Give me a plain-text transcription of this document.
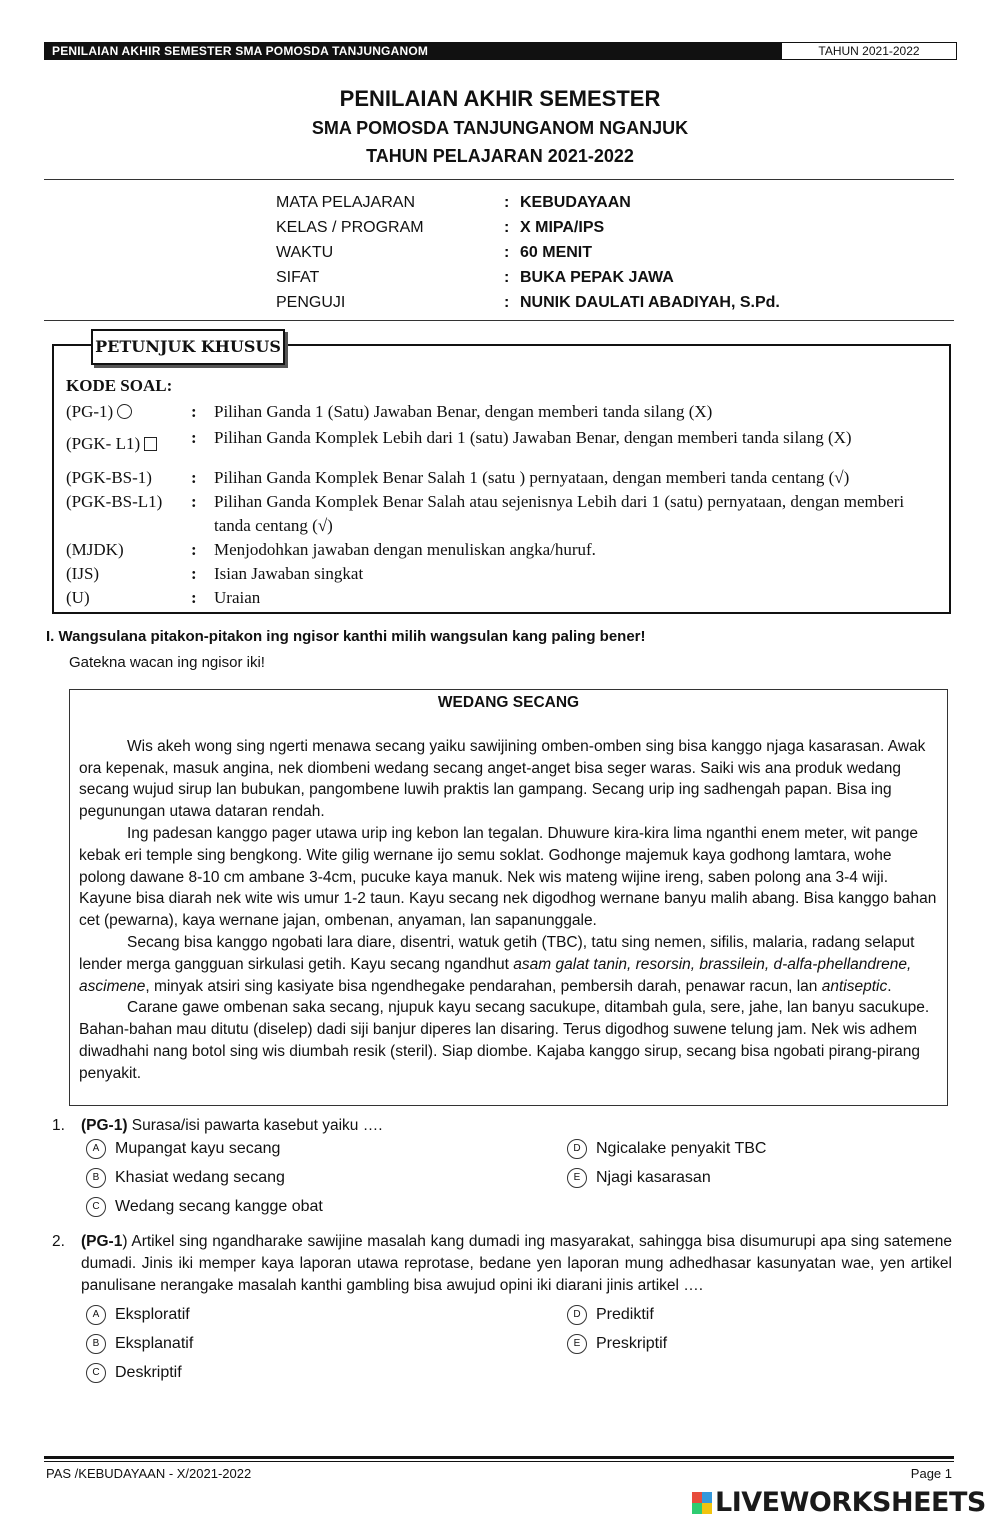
PENILAIAN AKHIR SEMESTER SMA POMOSDA TANJUNGANOM	TAHUN 2021-2022
PENILAIAN AKHIR SEMESTER
SMA POMOSDA TANJUNGANOM NGANJUK
TAHUN PELAJARAN 2021-2022
MATA PELAJARAN	: KEBUDAYAAN
KELAS / PROGRAM	: X MIPA/IPS
WAKTU	: 60 MENIT
SIFAT	: BUKA PEPAK JAWA
PENGUJI	: NUNIK DAULATI ABADIYAH, S.Pd.
PETUNJUK KHUSUS
KODE SOAL:
(PG-1)	:	Pilihan Ganda 1 (Satu) Jawaban Benar, dengan memberi tanda silang (X)
(PGK- L1)	:	Pilihan Ganda Komplek Lebih dari 1 (satu) Jawaban Benar, dengan memberi tanda silang (X)
(PGK-BS-1)	:	Pilihan Ganda Komplek Benar Salah 1 (satu ) pernyataan, dengan memberi tanda centang (√)
(PGK-BS-L1)	:	Pilihan Ganda Komplek Benar Salah atau sejenisnya Lebih dari 1 (satu) pernyataan, dengan memberi tanda centang (√)
(MJDK)	:	Menjodohkan jawaban dengan menuliskan angka/huruf.
(IJS)	:	Isian Jawaban singkat
(U)	:	Uraian
I. Wangsulana pitakon-pitakon ing ngisor kanthi milih wangsulan kang paling bener!
Gatekna wacan ing ngisor iki!
WEDANG SECANG

Wis akeh wong sing ngerti menawa secang yaiku sawijining omben-omben sing bisa kanggo njaga kasarasan. Awak ora kepenak, masuk angina, nek diombeni wedang secang anget-anget bisa seger waras. Saiki wis ana produk wedang secang wujud sirup lan bubukan, pangombene luwih praktis lan gampang. Secang urip ing sadhengah papan. Bisa ing pegunungan utawa dataran rendah.

Ing padesan kanggo pager utawa urip ing kebon lan tegalan. Dhuwure kira-kira lima nganthi enem meter, wit pange kebak eri temple sing bengkong. Wite gilig wernane ijo semu soklat. Godhonge majemuk kaya godhong lamtara, wohe polong dawane 8-10 cm ambane 3-4cm, pucuke kaya manuk. Nek wis mateng wijine ireng, saben polong ana 3-4 wiji. Kayune bisa diarah nek wite wis umur 1-2 taun. Kayu secang nek digodhog wernane banyu malih abang. Bisa kanggo bahan cet (pewarna), kaya wernane jajan, ombenan, anyaman, lan sapanunggale.

Secang bisa kanggo ngobati lara diare, disentri, watuk getih (TBC), tatu sing nemen, sifilis, malaria, radang selaput lender merga gangguan sirkulasi getih. Kayu secang ngandhut asam galat tanin, resorsin, brassilein, d-alfa-phellandrene, ascimene, minyak atsiri sing kasiyate bisa ngendhegake pendarahan, pembersih darah, penawar racun, lan antiseptic.

Carane gawe ombenan saka secang, njupuk kayu secang sacukupe, ditambah gula, sere, jahe, lan banyu sacukupe. Bahan-bahan mau ditutu (diselep) dadi siji banjur diperes lan disaring. Terus digodhog suwene telung jam. Nek wis adhem diwadhahi nang botol sing wis diumbah resik (steril). Siap diombe. Kajaba kanggo sirup, secang bisa ngobati pirang-pirang penyakit.

1.	(PG-1) Surasa/isi pawarta kasebut yaiku ….
A Mupangat kayu secang
B Khasiat wedang secang
C Wedang secang kangge obat
D Ngicalake penyakit TBC
E Njagi kasarasan
2.	(PG-1) Artikel sing ngandharake sawijine masalah kang dumadi ing masyarakat, sahingga bisa disumurupi apa sing satemene dumadi. Jinis iki memper kaya laporan utawa reprotase, bedane yen laporan mung adhedhasar kasunyatan wae, yen artikel panulisane nerangake masalah kanthi gambling bisa awujud opini iki diarani jinis artikel ….
A Eksploratif
B Eksplanatif
C Deskriptif
D Prediktif
E Preskriptif
PAS /KEBUDAYAAN - X/2021-2022	Page 1
LIVEWORKSHEETS
